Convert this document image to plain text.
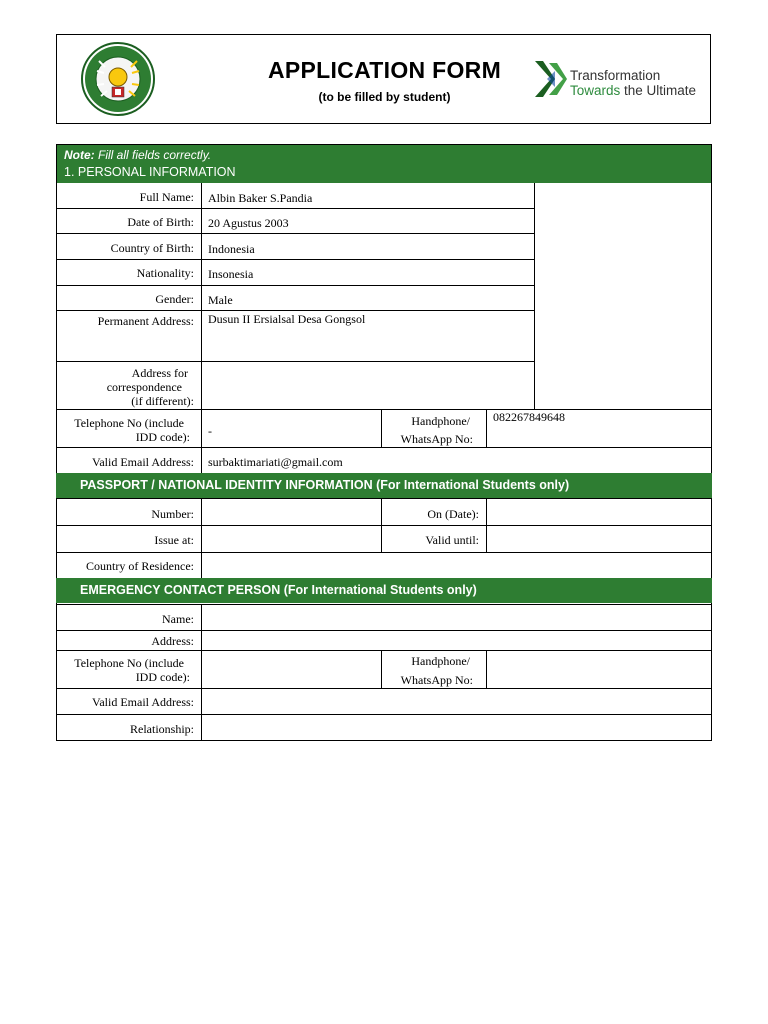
APPLICATION FORM
(to be filled by student)
Transformation
Towards the Ultimate
Note: Fill all fields correctly.
1. PERSONAL INFORMATION
Full Name:
Date of Birth:
Country of Birth:
Nationality:
Gender:
Permanent Address:
Address for
correspondence
(if different):
Telephone No (include
IDD code):
Handphone/
WhatsApp No:
Valid Email Address:
Albin Baker S.Pandia
20 Agustus 2003
Indonesia
Insonesia
Male
Dusun II Ersialsal Desa Gongsol
-
082267849648
surbaktimariati@gmail.com
PASSPORT / NATIONAL IDENTITY INFORMATION (For International Students only)
Number:	On (Date):
Issue at:	Valid until:
Country of Residence:
EMERGENCY CONTACT PERSON (For International Students only)
Name:
Address:
Telephone No (include
IDD code):
Handphone/
WhatsApp No:
Valid Email Address:
Relationship:
